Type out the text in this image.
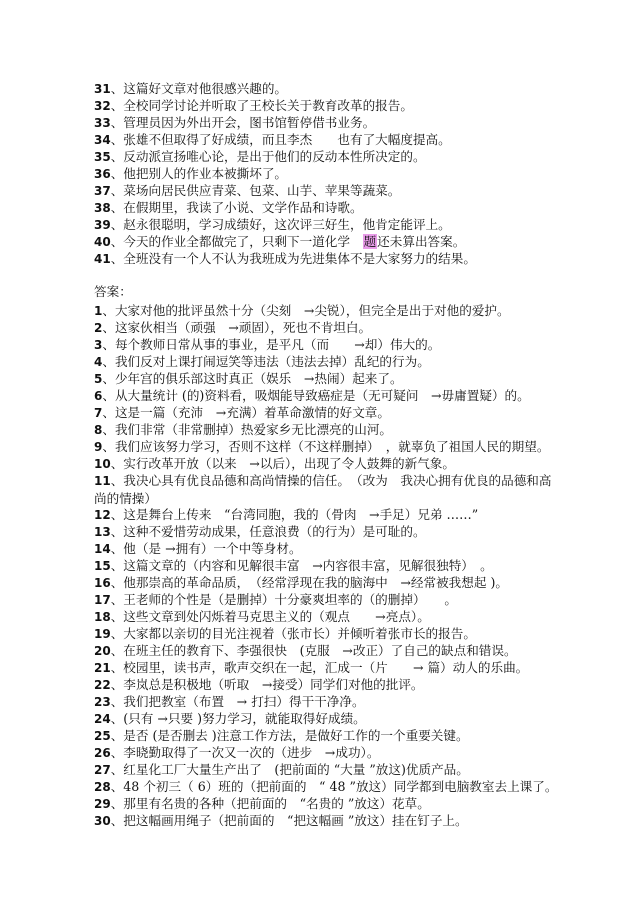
31、这篇好文章对他很感兴趣的。
32、全校同学讨论并听取了王校长关于教育改革的报告。
33、管理员因为外出开会，图书馆暂停借书业务。
34、张雄不但取得了好成绩，而且李杰　　也有了大幅度提高。
35、反动派宣扬唯心论，是出于他们的反动本性所决定的。
36、他把别人的作业本被撕坏了。
37、菜场向居民供应青菜、包菜、山芋、苹果等蔬菜。
38、在假期里，我读了小说、文学作品和诗歌。
39、赵永很聪明，学习成绩好，这次评三好生，他肯定能评上。
40、今天的作业全都做完了，只剩下一道化学　题还未算出答案。
41、全班没有一个人不认为我班成为先进集体不是大家努力的结果。
答案：
1、大家对他的批评虽然十分（尖刻　→尖锐），但完全是出于对他的爱护。
2、这家伙相当（顽强　→顽固），死也不肯坦白。
3、每个教师日常从事的事业，是平凡（而　　→却）伟大的。
4、我们反对上课打闹逗笑等违法（违法去掉）乱纪的行为。
5、少年宫的俱乐部这时真正（娱乐　→热闹）起来了。
6、从大量统计 (的)资料看，吸烟能导致癌症是（无可疑问　→毋庸置疑）的。
7、这是一篇（充沛　→充满）着革命激情的好文章。
8、我们非常（非常删掉）热爱家乡无比漂亮的山河。
9、我们应该努力学习，否则不这样（不这样删掉）　，就辜负了祖国人民的期望。
10、实行改革开放（以来　→以后），出现了令人鼓舞的新气象。
11、我决心具有优良品德和高尚情操的信任。　（改为　我决心拥有优良的品德和高尚的情操）
12、这是舞台上传来　“台湾同胞，我的（骨肉　→手足）兄弟 ……”
13、这种不爱惜劳动成果，任意浪费（的行为）是可耻的。
14、他（是 →拥有）一个中等身材。
15、这篇文章的（内容和见解很丰富　→内容很丰富，见解很独特）　。
16、他那崇高的革命品质，　（经常浮现在我的脑海中　→经常被我想起 )。
17、王老师的个性是（是删掉）十分豪爽坦率的（的删掉）　　。
18、这些文章到处闪烁着马克思主义的（观点　　→亮点）。
19、大家都以亲切的目光注视着（张市长）并倾听着张市长的报告。
20、在班主任的教育下、李强很快　(克服　→改正）了自己的缺点和错误。
21、校园里，读书声，歌声交织在一起，汇成一（片　　→ 篇）动人的乐曲。
22、李岚总是积极地（听取　→接受）同学们对他的批评。
23、我们把教室（布置　→ 打扫）得干干净净。
24、(只有 →只要 )努力学习，就能取得好成绩。
25、是否 (是否删去 )注意工作方法，是做好工作的一个重要关键。
26、李晓勤取得了一次又一次的（进步　→成功）。
27、红星化工厂大量生产出了　(把前面的 “大量 ”放这)优质产品。
28、48 个初三（ 6）班的（把前面的　“ 48 ”放这）同学都到电脑教室去上课了。
29、那里有名贵的各种（把前面的　“名贵的 ”放这）花草。
30、把这幅画用绳子（把前面的　“把这幅画 ”放这）挂在钉子上。
